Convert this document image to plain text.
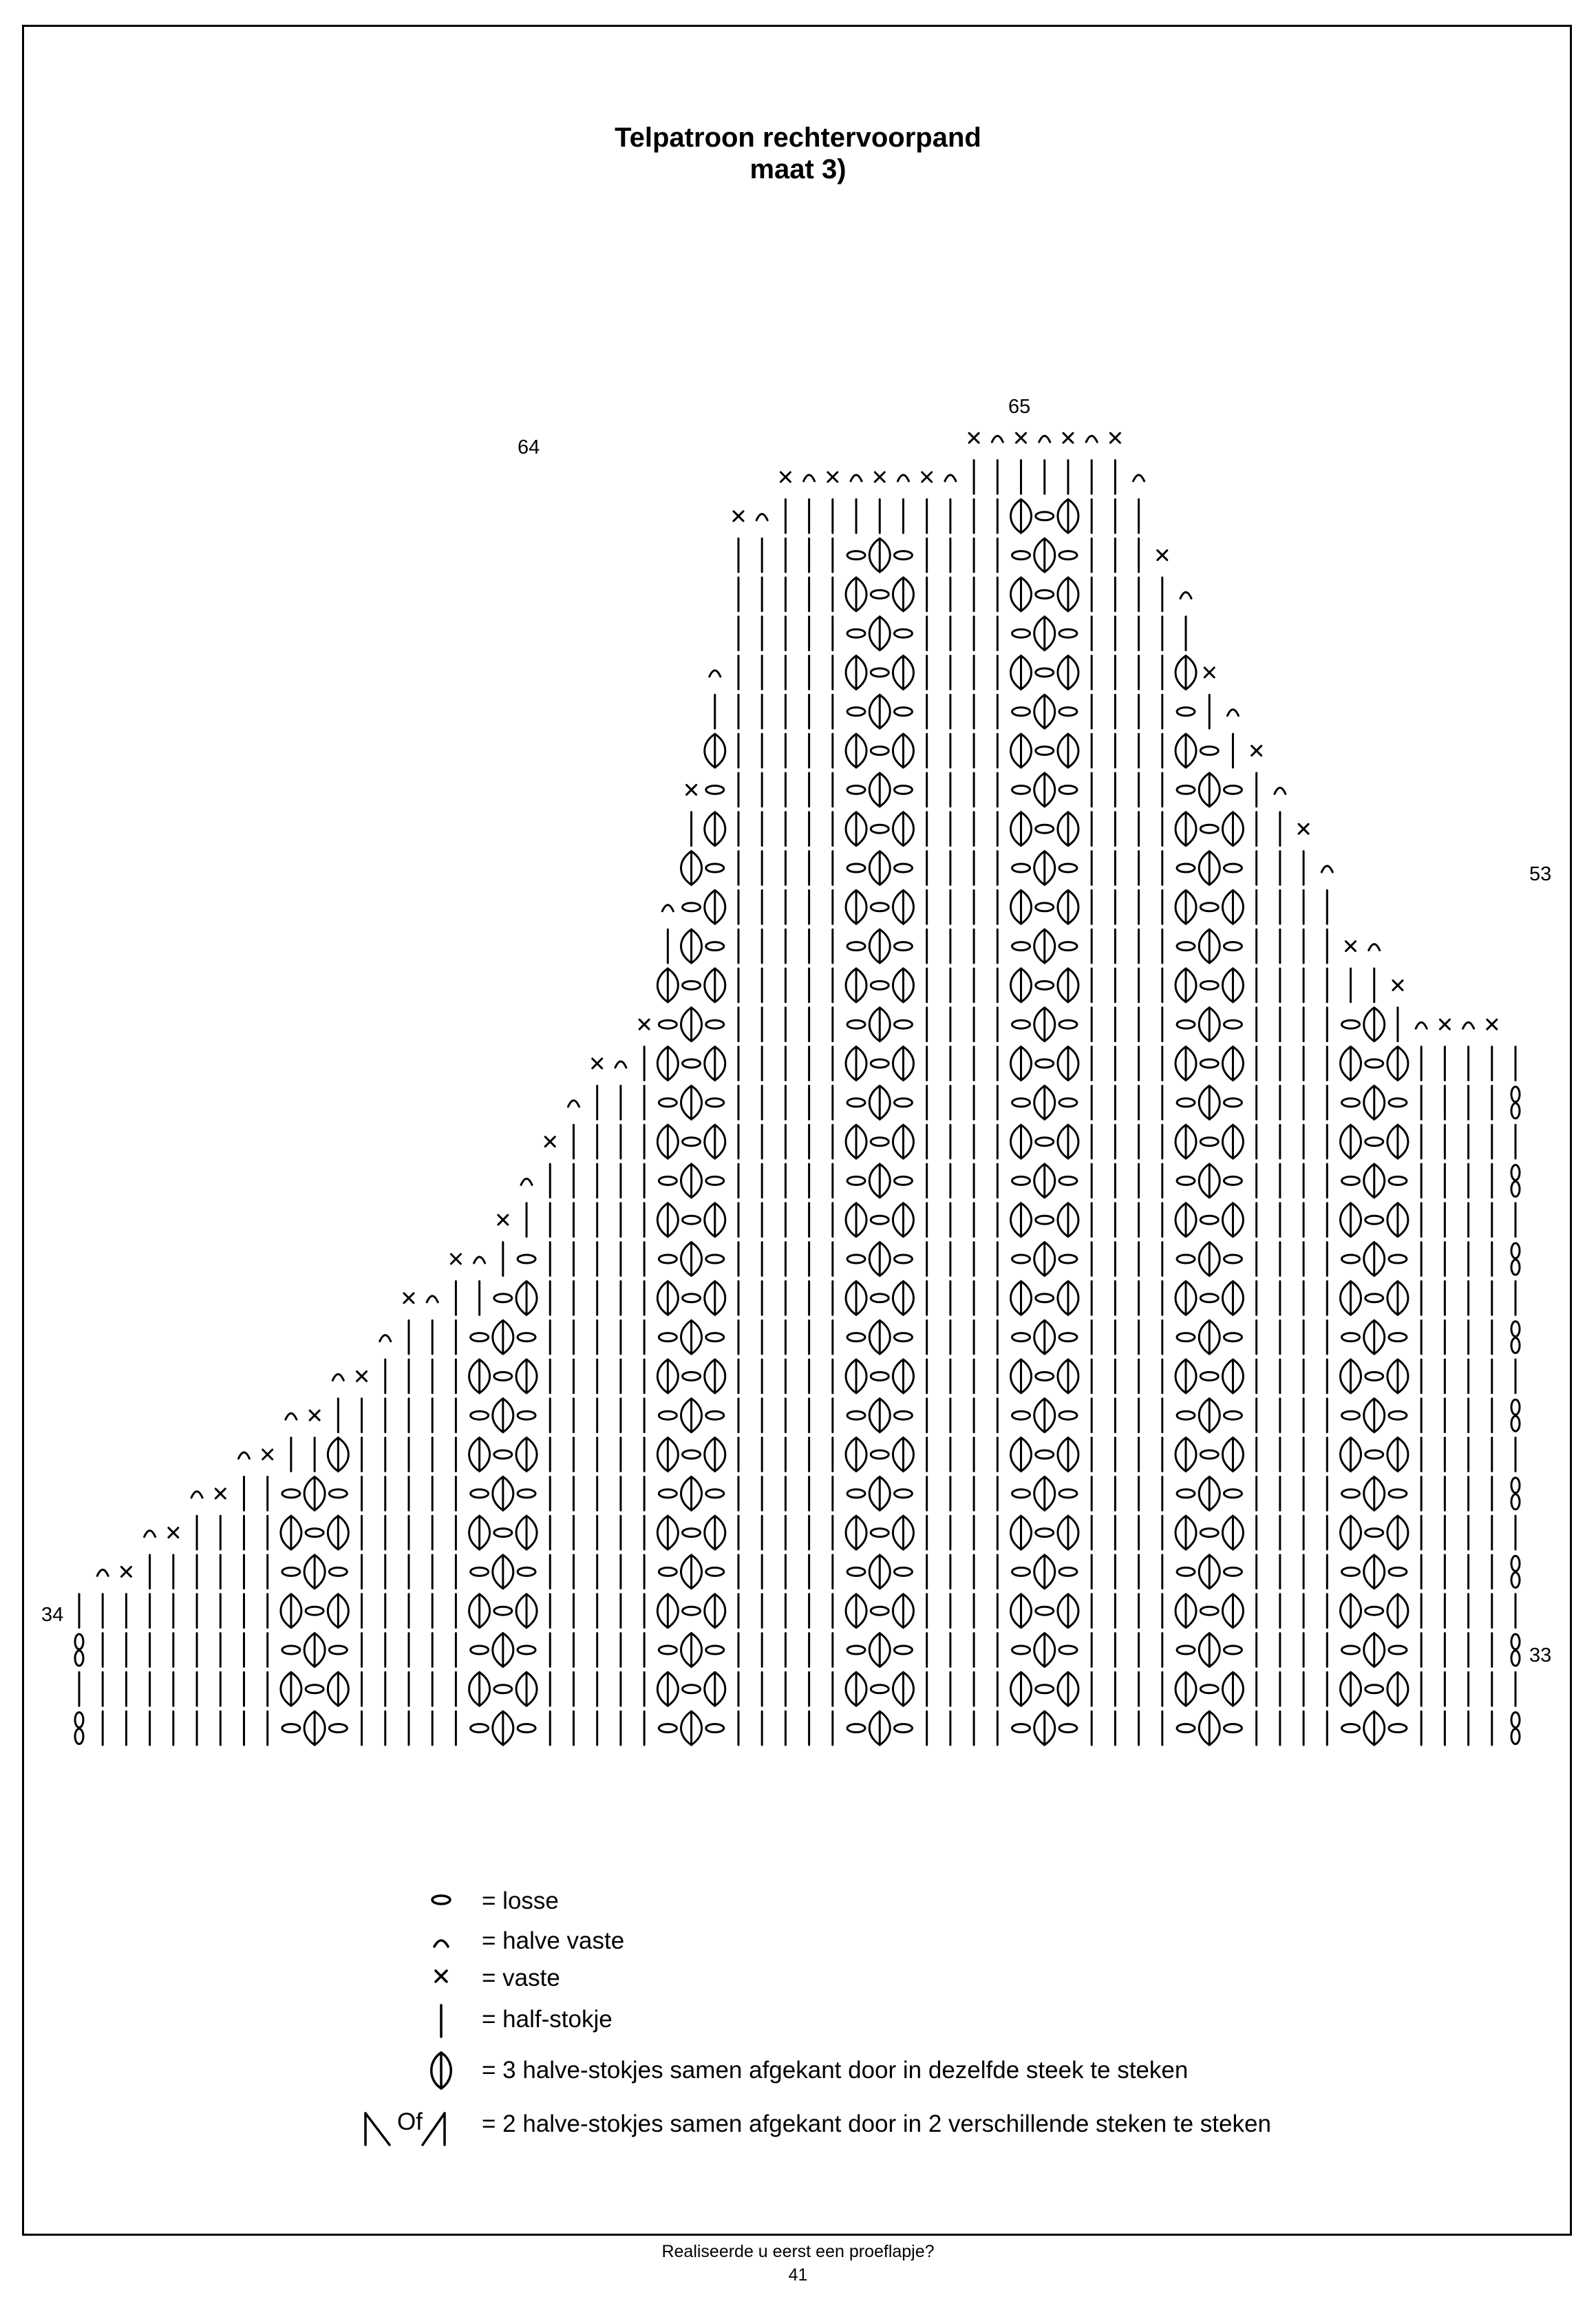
Telpatroon rechtervoorpand
maat 3)
34
64
33
53
65
= losse
= halve vaste
= vaste
= half-stokje
= 3 halve-stokjes samen afgekant door in dezelfde steek te steken
= 2 halve-stokjes samen afgekant door in 2 verschillende steken te steken
Of
Realiseerde u eerst een proeflapje?
41
